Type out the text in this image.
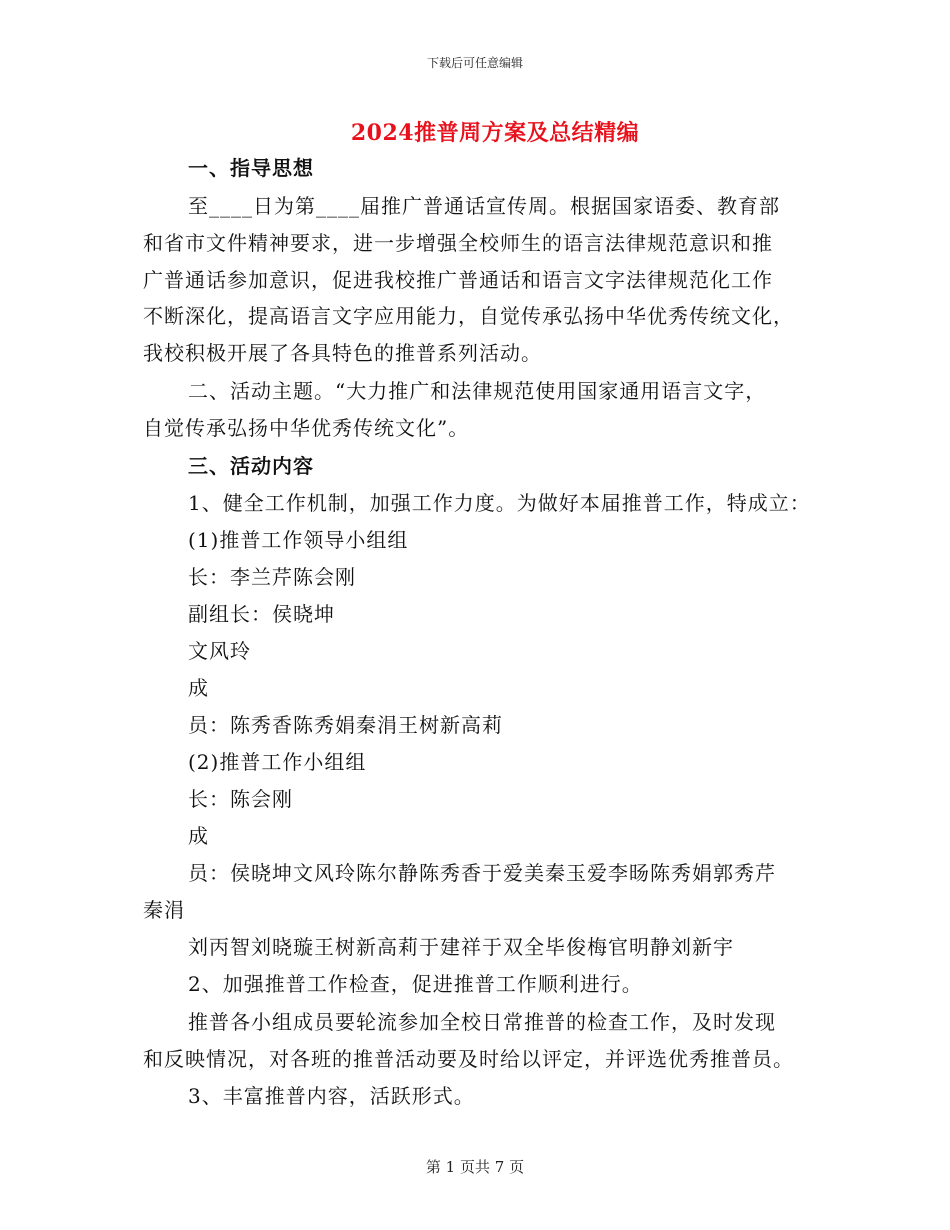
下载后可任意编辑
2024推普周方案及总结精编
一、指导思想
至____日为第____届推广普通话宣传周。根据国家语委、教育部
和省市文件精神要求，进一步增强全校师生的语言法律规范意识和推
广普通话参加意识，促进我校推广普通话和语言文字法律规范化工作
不断深化，提高语言文字应用能力，自觉传承弘扬中华优秀传统文化，
我校积极开展了各具特色的推普系列活动。
二、活动主题。“大力推广和法律规范使用国家通用语言文字，
自觉传承弘扬中华优秀传统文化”。
三、活动内容
1、健全工作机制，加强工作力度。为做好本届推普工作，特成立：
(1)推普工作领导小组组
长：李兰芹陈会刚
副组长：侯晓坤
文风玲
成
员：陈秀香陈秀娟秦涓王树新高莉
(2)推普工作小组组
长：陈会刚
成
员：侯晓坤文风玲陈尔静陈秀香于爱美秦玉爱李旸陈秀娟郭秀芹
秦涓
刘丙智刘晓璇王树新高莉于建祥于双全毕俊梅官明静刘新宇
2、加强推普工作检查，促进推普工作顺利进行。
推普各小组成员要轮流参加全校日常推普的检查工作，及时发现
和反映情况，对各班的推普活动要及时给以评定，并评选优秀推普员。
3、丰富推普内容，活跃形式。
第 1 页共 7 页
